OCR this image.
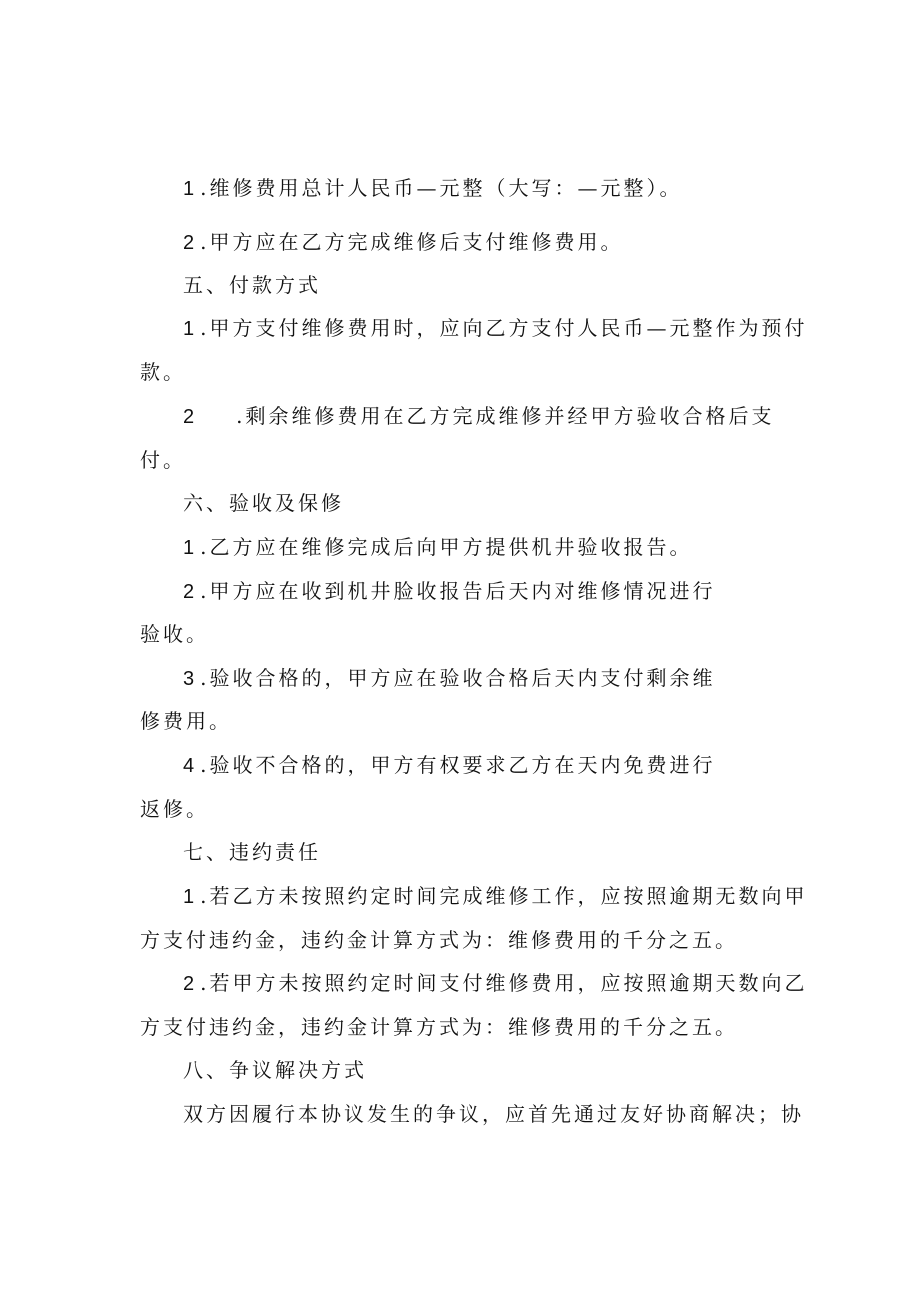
1 .维修费用总计人民币—元整（大写：—元整）。
2 .甲方应在乙方完成维修后支付维修费用。
五、付款方式
1 .甲方支付维修费用时，应向乙方支付人民币—元整作为预付
款。
2 .剩余维修费用在乙方完成维修并经甲方验收合格后支
付。
六、验收及保修
1 .乙方应在维修完成后向甲方提供机井验收报告。
2 .甲方应在收到机井脸收报告后天内对维修情况进行
验收。
3 .验收合格的，甲方应在验收合格后天内支付剩余维
修费用。
4 .验收不合格的，甲方有权要求乙方在天内免费进行
返修。
七、违约责任
1 .若乙方未按照约定时间完成维修工作，应按照逾期无数向甲
方支付违约金，违约金计算方式为：维修费用的千分之五。
2 .若甲方未按照约定时间支付维修费用，应按照逾期天数向乙
方支付违约金，违约金计算方式为：维修费用的千分之五。
八、争议解决方式
双方因履行本协议发生的争议，应首先通过友好协商解决；协
